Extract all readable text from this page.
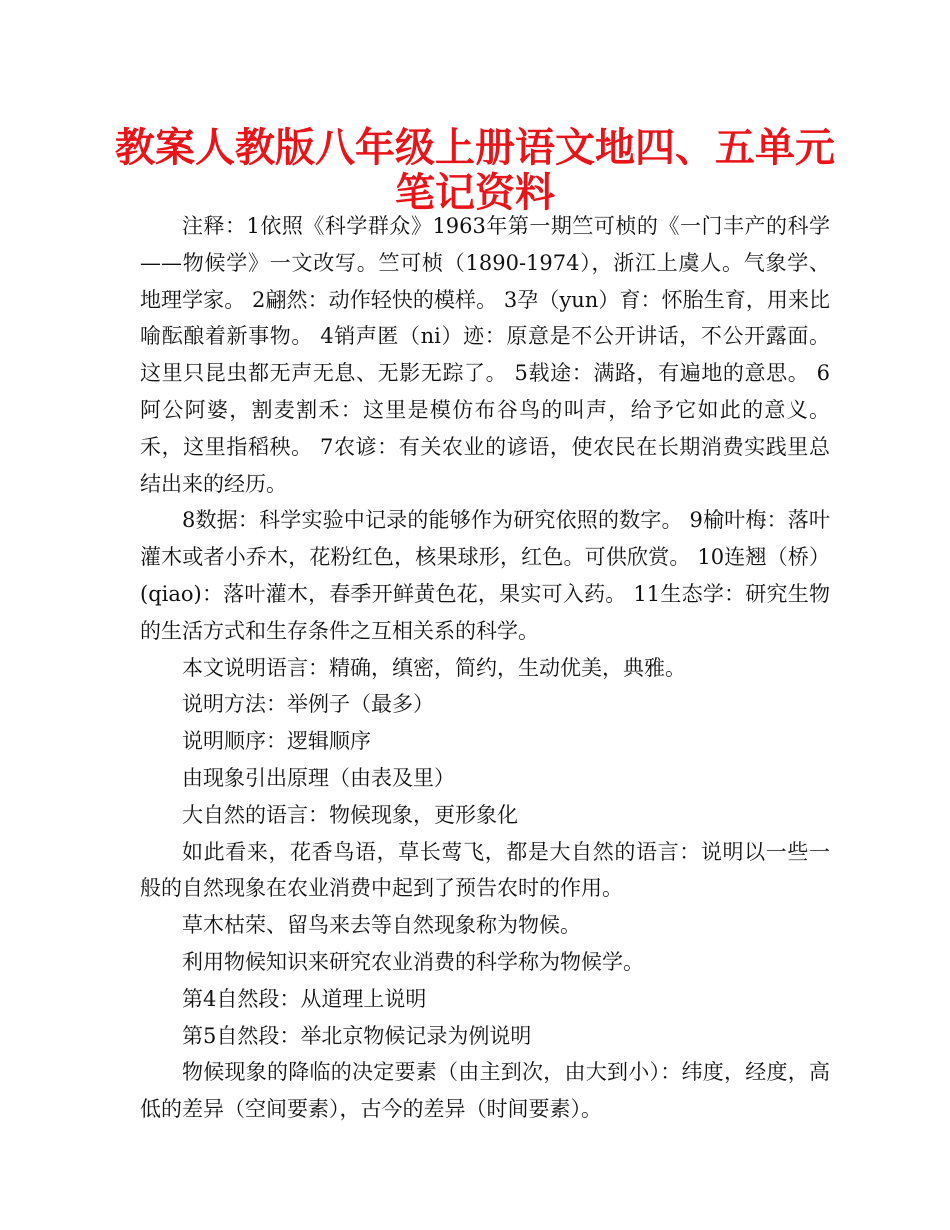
教案人教版八年级上册语文地四、五单元
笔记资料

注释：1依照《科学群众》1963年第一期竺可桢的《一门丰产的科学——物候学》一文改写。竺可桢（1890-1974），浙江上虞人。气象学、地理学家。 2翩然：动作轻快的模样。 3孕（yun）育：怀胎生育，用来比喻酝酿着新事物。 4销声匿（ni）迹：原意是不公开讲话，不公开露面。这里只昆虫都无声无息、无影无踪了。 5载途：满路，有遍地的意思。 6阿公阿婆，割麦割禾：这里是模仿布谷鸟的叫声，给予它如此的意义。禾，这里指稻秧。 7农谚：有关农业的谚语，使农民在长期消费实践里总结出来的经历。

8数据：科学实验中记录的能够作为研究依照的数字。 9榆叶梅：落叶灌木或者小乔木，花粉红色，核果球形，红色。可供欣赏。 10连翘（桥）(qiao)：落叶灌木，春季开鲜黄色花，果实可入药。 11生态学：研究生物的生活方式和生存条件之互相关系的科学。

本文说明语言：精确，缜密，简约，生动优美，典雅。

说明方法：举例子（最多）

说明顺序：逻辑顺序

由现象引出原理（由表及里）

大自然的语言：物候现象，更形象化

如此看来，花香鸟语，草长莺飞，都是大自然的语言：说明以一些一般的自然现象在农业消费中起到了预告农时的作用。

草木枯荣、留鸟来去等自然现象称为物候。

利用物候知识来研究农业消费的科学称为物候学。

第4自然段：从道理上说明

第5自然段：举北京物候记录为例说明

物候现象的降临的决定要素（由主到次，由大到小）：纬度，经度，高低的差异（空间要素），古今的差异（时间要素）。
